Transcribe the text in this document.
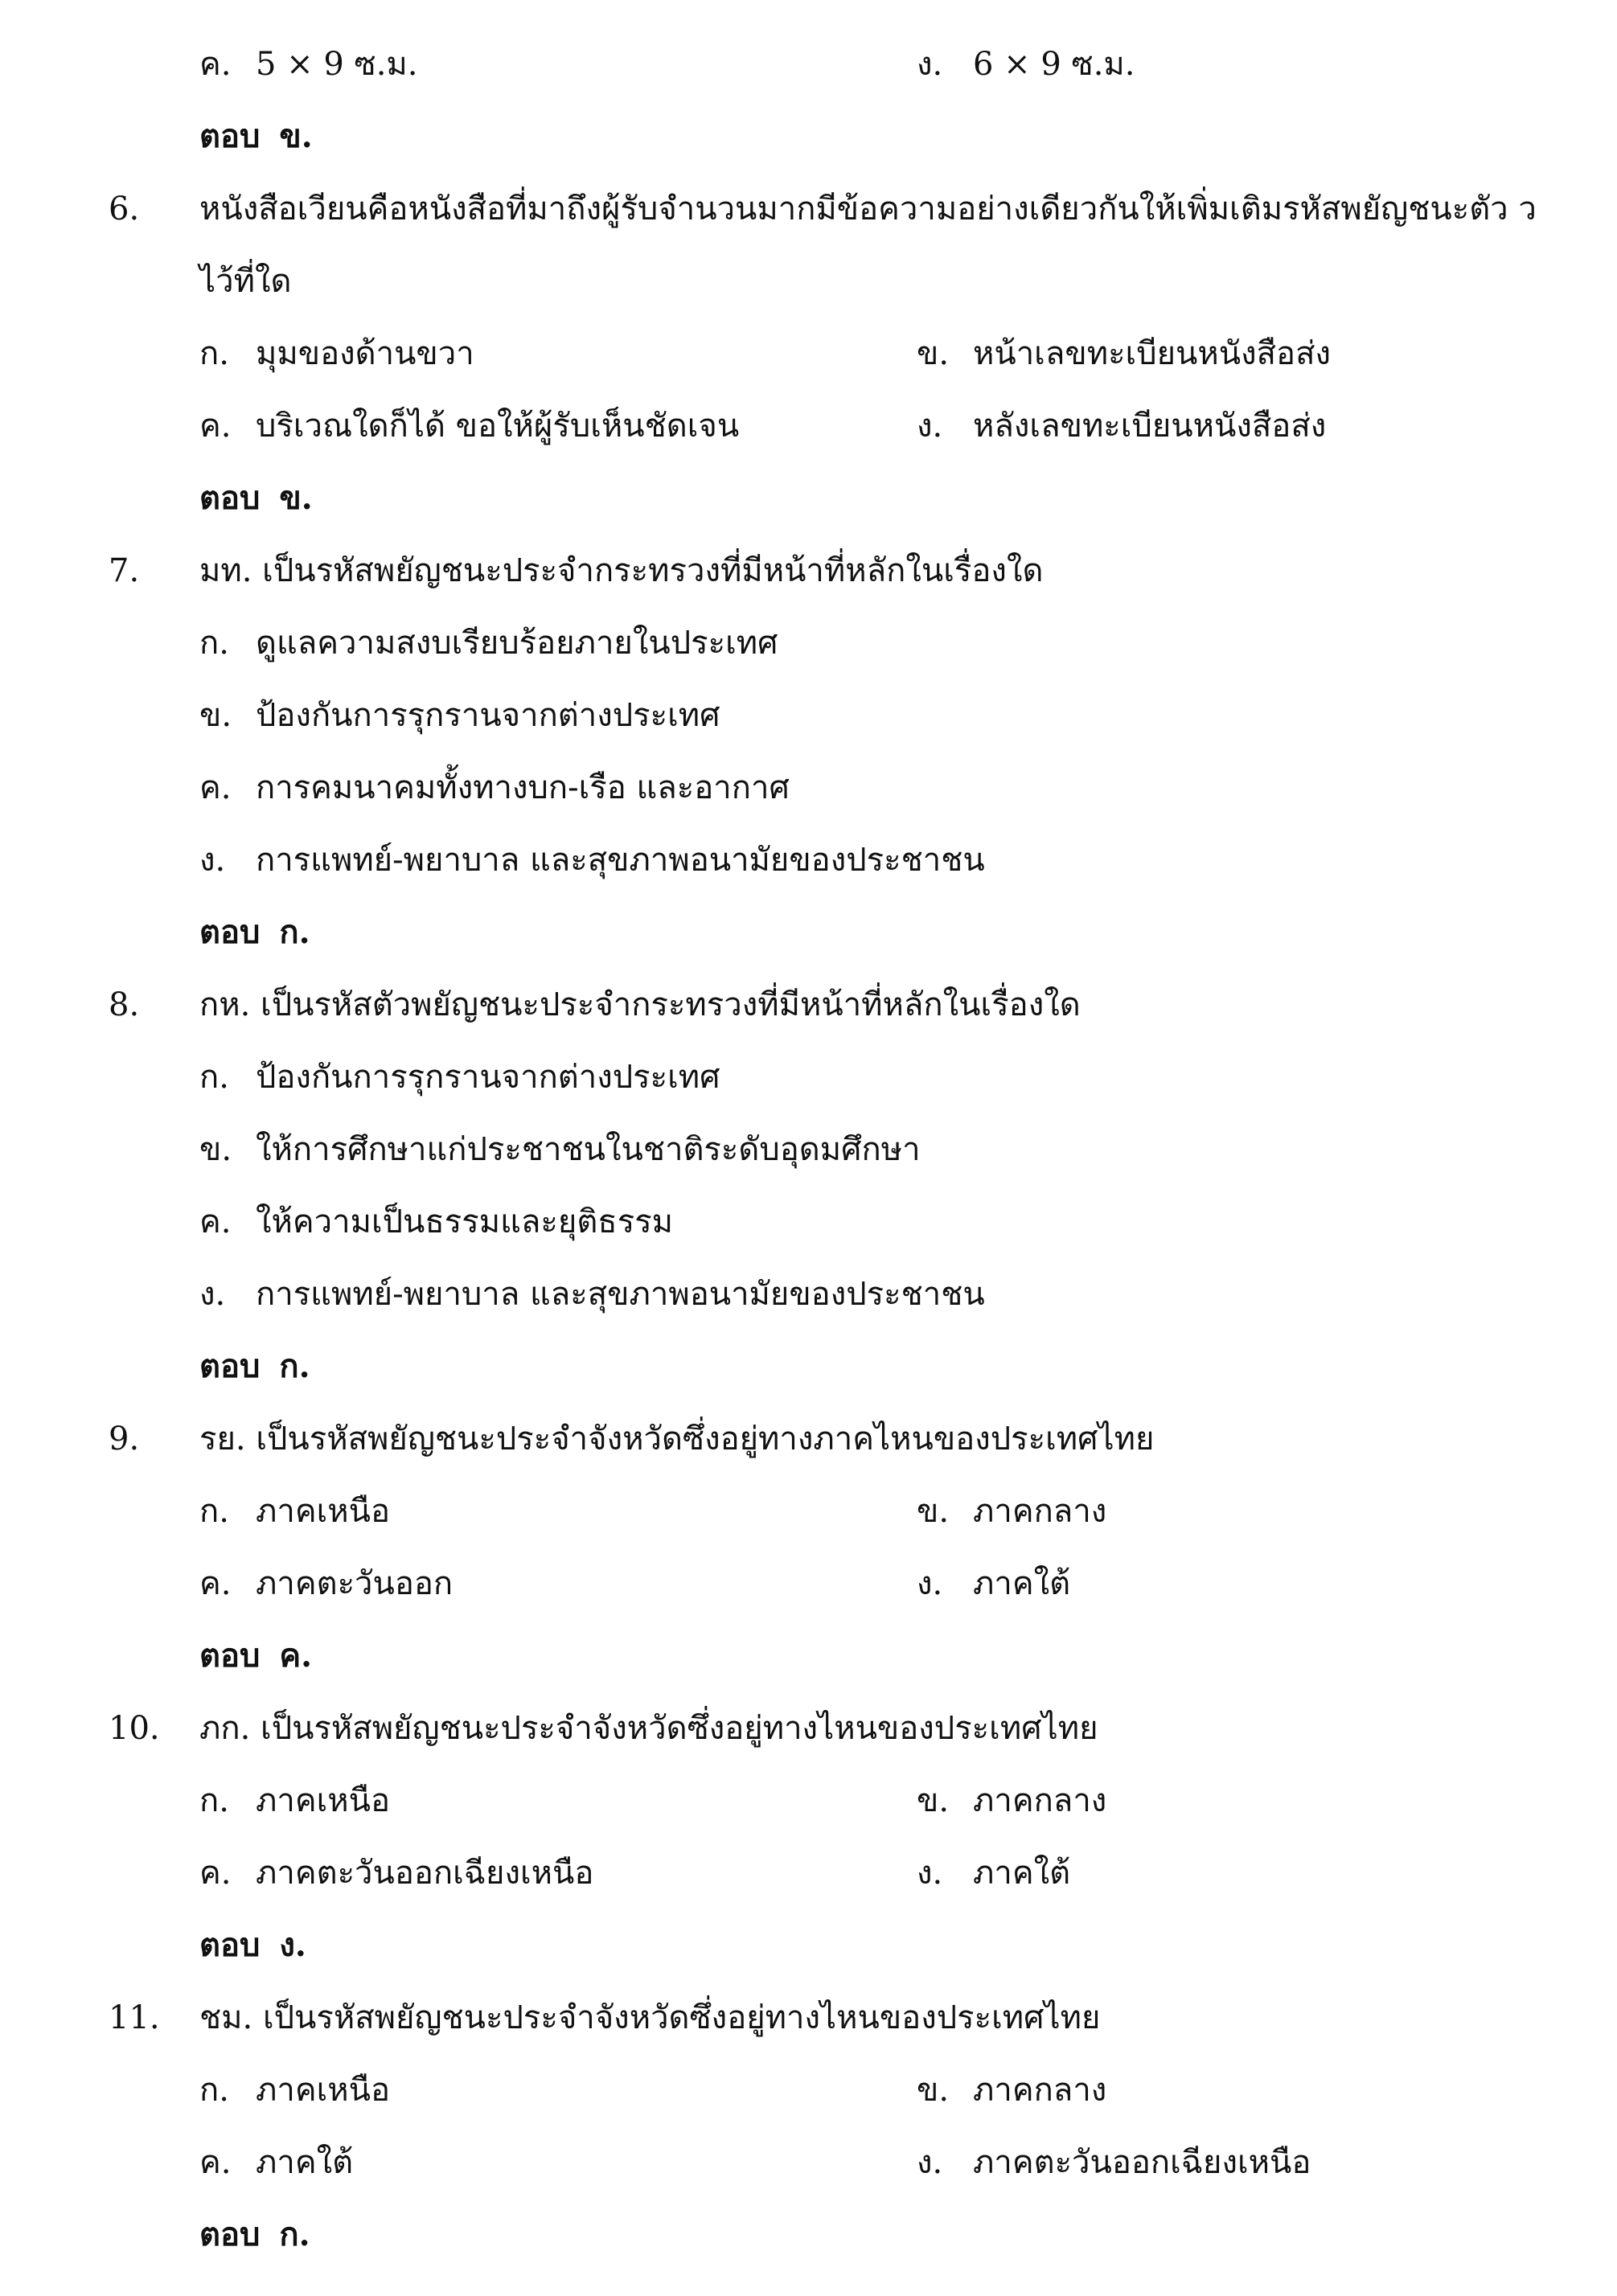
ค. 5 × 9 ซ.ม.	ง. 6 × 9 ซ.ม.
ตอบ ข.
6. หนังสือเวียนคือหนังสือที่มาถึงผู้รับจำนวนมากมีข้อความอย่างเดียวกันให้เพิ่มเติมรหัสพยัญชนะตัว ว
ไว้ที่ใด
ก. มุมของด้านขวา	ข. หน้าเลขทะเบียนหนังสือส่ง
ค. บริเวณใดก็ได้ ขอให้ผู้รับเห็นชัดเจน	ง. หลังเลขทะเบียนหนังสือส่ง
ตอบ ข.
7. มท. เป็นรหัสพยัญชนะประจำกระทรวงที่มีหน้าที่หลักในเรื่องใด
ก. ดูแลความสงบเรียบร้อยภายในประเทศ
ข. ป้องกันการรุกรานจากต่างประเทศ
ค. การคมนาคมทั้งทางบก-เรือ และอากาศ
ง. การแพทย์-พยาบาล และสุขภาพอนามัยของประชาชน
ตอบ ก.
8. กห. เป็นรหัสตัวพยัญชนะประจำกระทรวงที่มีหน้าที่หลักในเรื่องใด
ก. ป้องกันการรุกรานจากต่างประเทศ
ข. ให้การศึกษาแก่ประชาชนในชาติระดับอุดมศึกษา
ค. ให้ความเป็นธรรมและยุติธรรม
ง. การแพทย์-พยาบาล และสุขภาพอนามัยของประชาชน
ตอบ ก.
9. รย. เป็นรหัสพยัญชนะประจำจังหวัดซึ่งอยู่ทางภาคไหนของประเทศไทย
ก. ภาคเหนือ	ข. ภาคกลาง
ค. ภาคตะวันออก	ง. ภาคใต้
ตอบ ค.
10. ภก. เป็นรหัสพยัญชนะประจำจังหวัดซึ่งอยู่ทางไหนของประเทศไทย
ก. ภาคเหนือ	ข. ภาคกลาง
ค. ภาคตะวันออกเฉียงเหนือ	ง. ภาคใต้
ตอบ ง.
11. ชม. เป็นรหัสพยัญชนะประจำจังหวัดซึ่งอยู่ทางไหนของประเทศไทย
ก. ภาคเหนือ	ข. ภาคกลาง
ค. ภาคใต้	ง. ภาคตะวันออกเฉียงเหนือ
ตอบ ก.
